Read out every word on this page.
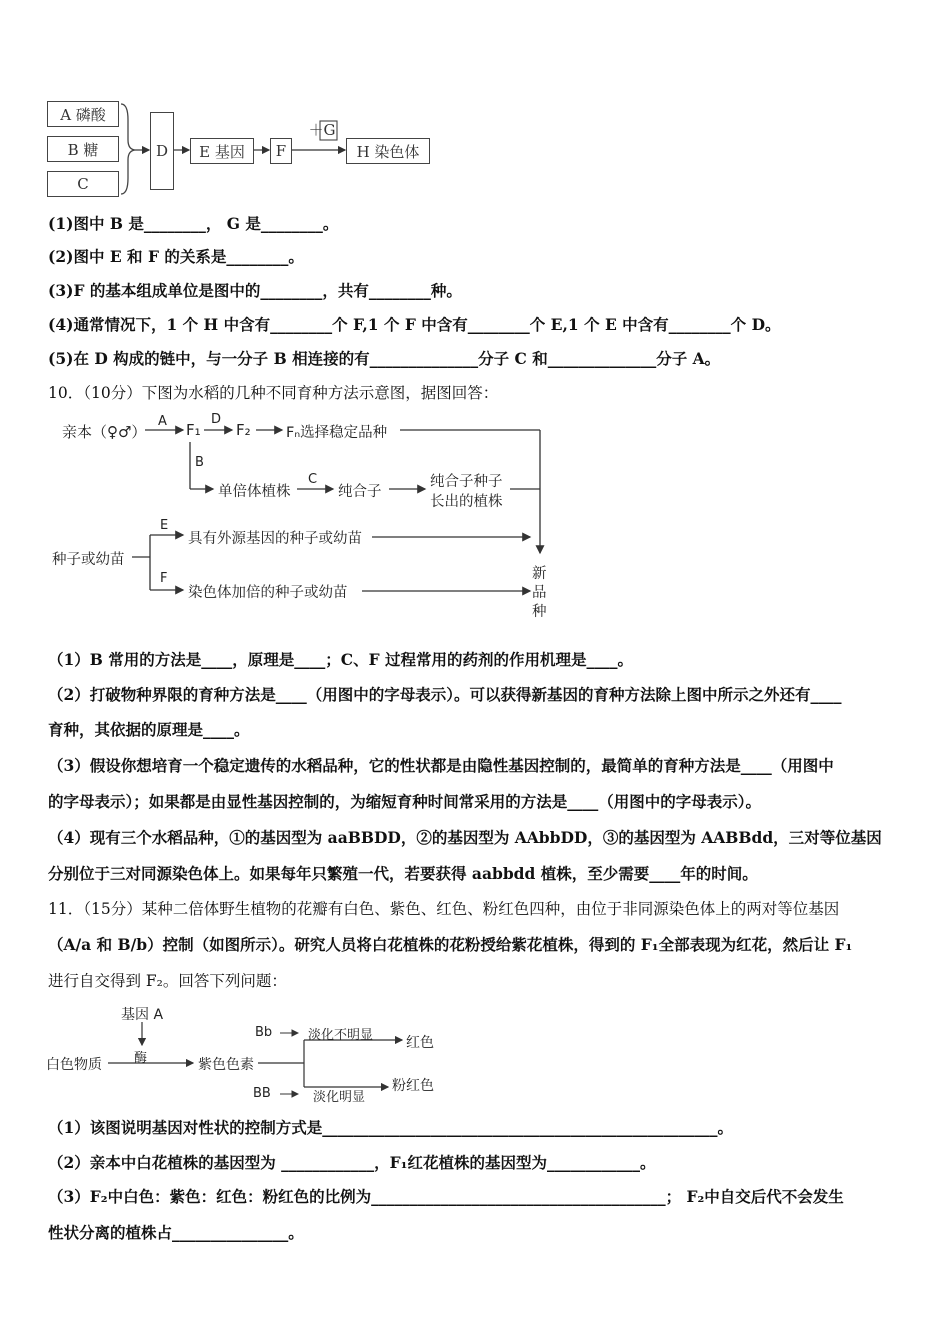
A 磷酸
B 糖
C
D	E 基因	F
＋G
H 染色体
(1)图中 B 是________， G 是________。
(2)图中 E 和 F 的关系是________。
(3)F 的基本组成单位是图中的________，共有________种。
(4)通常情况下，1 个 H 中含有________个 F,1 个 F 中含有________个 E,1 个 E 中含有________个 D。
(5)在 D 构成的链中，与一分子 B 相连接的有______________分子 C 和______________分子 A。
10．（10分）下图为水稻的几种不同育种方法示意图，据图回答：
亲本（♀♂）
A F₁
D
F₂ Fₙ选择稳定品种
B
单倍体植株
C
纯合子
纯合子种子
长出的植株
种子或幼苗
E
具有外源基因的种子或幼苗
F
染色体加倍的种子或幼苗
新
品
种
（1）B 常用的方法是____，原理是____；C、F 过程常用的药剂的作用机理是____。
（2）打破物种界限的育种方法是____（用图中的字母表示）。可以获得新基因的育种方法除上图中所示之外还有____
育种，其依据的原理是____。
（3）假设你想培育一个稳定遗传的水稻品种，它的性状都是由隐性基因控制的，最简单的育种方法是____（用图中
的字母表示）；如果都是由显性基因控制的，为缩短育种时间常采用的方法是____（用图中的字母表示）。
（4）现有三个水稻品种，①的基因型为 aaBBDD，②的基因型为 AAbbDD，③的基因型为 AABBdd，三对等位基因
分别位于三对同源染色体上。如果每年只繁殖一代，若要获得 aabbdd 植株，至少需要____年的时间。
11．（15分）某种二倍体野生植物的花瓣有白色、紫色、红色、粉红色四种，由位于非同源染色体上的两对等位基因
（A/a 和 B/b）控制（如图所示）。研究人员将白花植株的花粉授给紫花植株，得到的 F₁全部表现为红花，然后让 F₁
进行自交得到 F₂。回答下列问题：
基因 A
酶
白色物质	紫色色素
Bb	淡化不明显 红色
BB	淡化明显
粉红色
（1）该图说明基因对性状的控制方式是___________________________________________________。
（2）亲本中白花植株的基因型为 ____________，F₁红花植株的基因型为____________。
（3）F₂中白色：紫色：红色：粉红色的比例为______________________________________； F₂中自交后代不会发生
性状分离的植株占_______________。
